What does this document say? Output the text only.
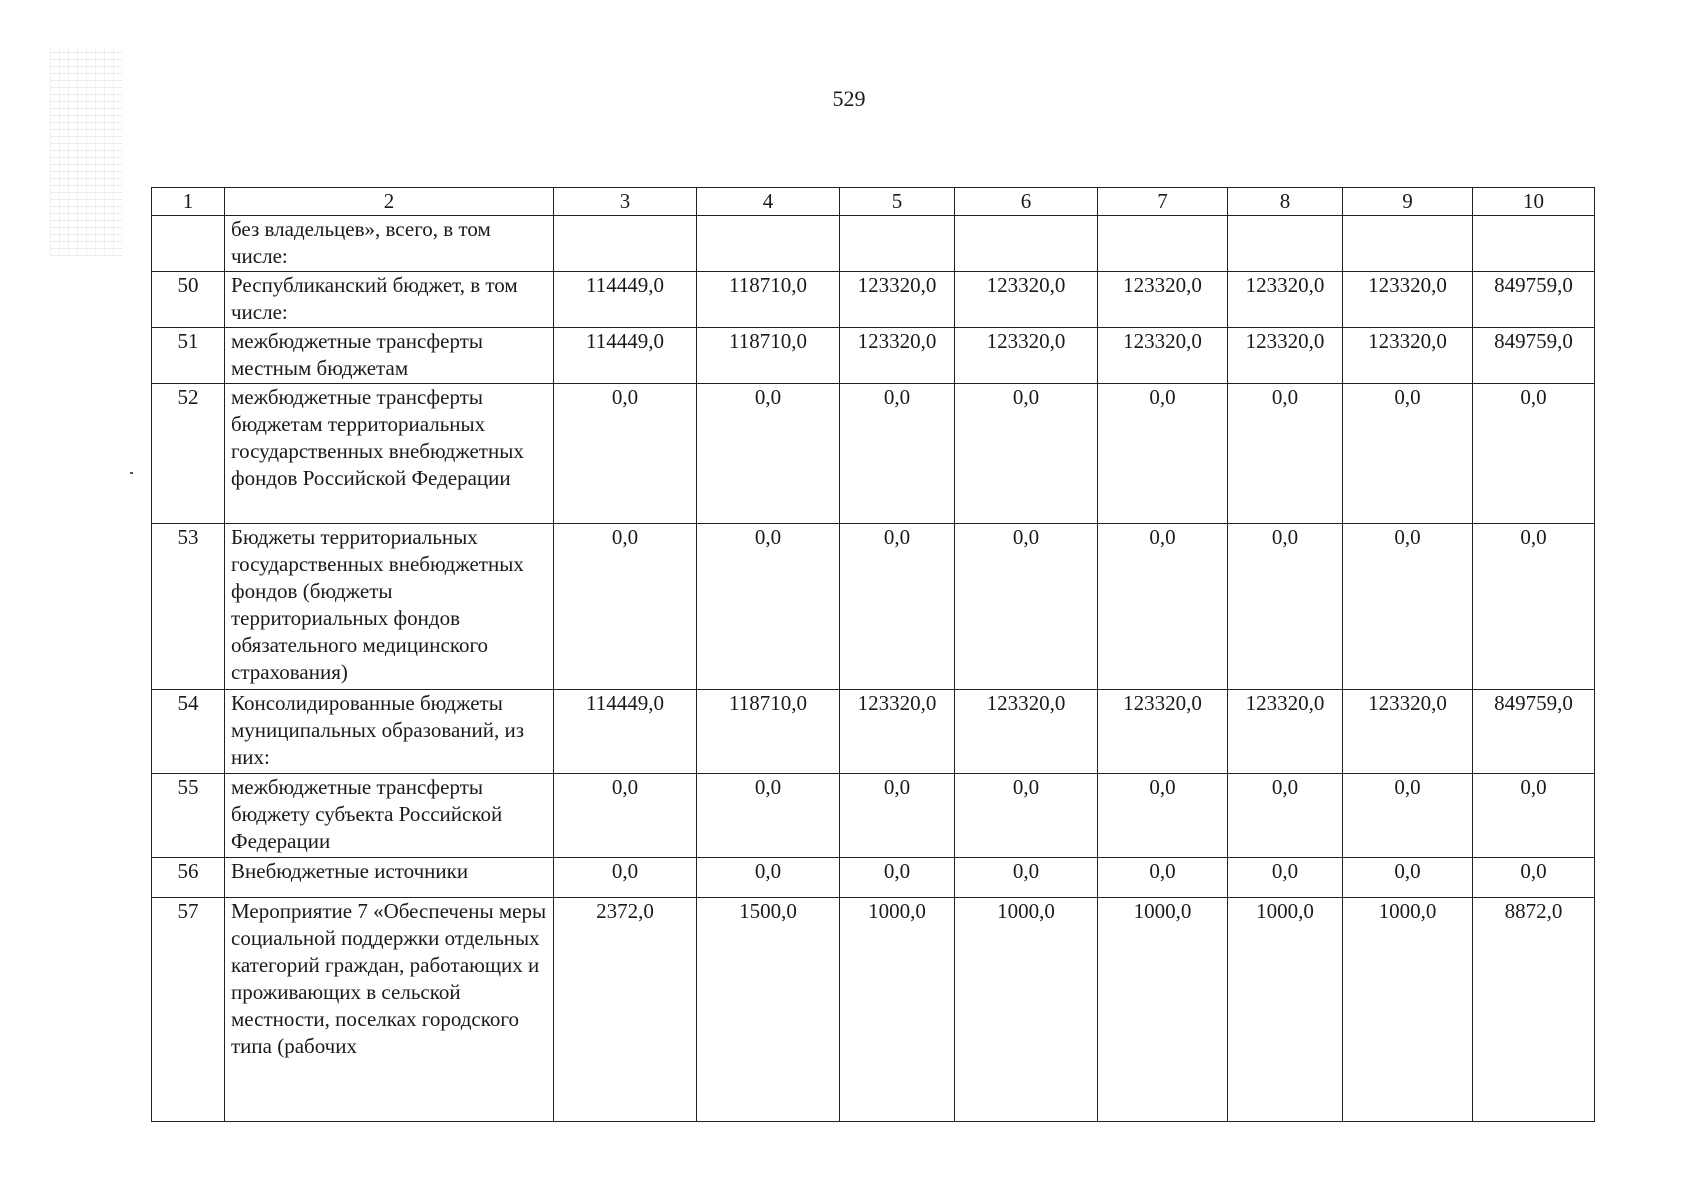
529
1	2	3	4	5	6	7	8	9	10
	без владельцев», всего, в том числе:								
50	Республиканский бюджет, в том числе:	114449,0	118710,0	123320,0	123320,0	123320,0	123320,0	123320,0	849759,0
51	межбюджетные трансферты местным бюджетам	114449,0	118710,0	123320,0	123320,0	123320,0	123320,0	123320,0	849759,0
52	межбюджетные трансферты бюджетам территориальных государственных внебюджетных фондов Российской Федерации	0,0	0,0	0,0	0,0	0,0	0,0	0,0	0,0
53	Бюджеты территориальных государственных внебюджетных фондов (бюджеты территориальных фондов обязательного медицинского страхования)	0,0	0,0	0,0	0,0	0,0	0,0	0,0	0,0
54	Консолидированные бюджеты муниципальных образований, из них:	114449,0	118710,0	123320,0	123320,0	123320,0	123320,0	123320,0	849759,0
55	межбюджетные трансферты бюджету субъекта Российской Федерации	0,0	0,0	0,0	0,0	0,0	0,0	0,0	0,0
56	Внебюджетные источники	0,0	0,0	0,0	0,0	0,0	0,0	0,0	0,0
57	Мероприятие 7 «Обеспечены меры социальной поддержки отдельных категорий граждан, работающих и проживающих в сельской местности, поселках городского типа (рабочих	2372,0	1500,0	1000,0	1000,0	1000,0	1000,0	1000,0	8872,0
